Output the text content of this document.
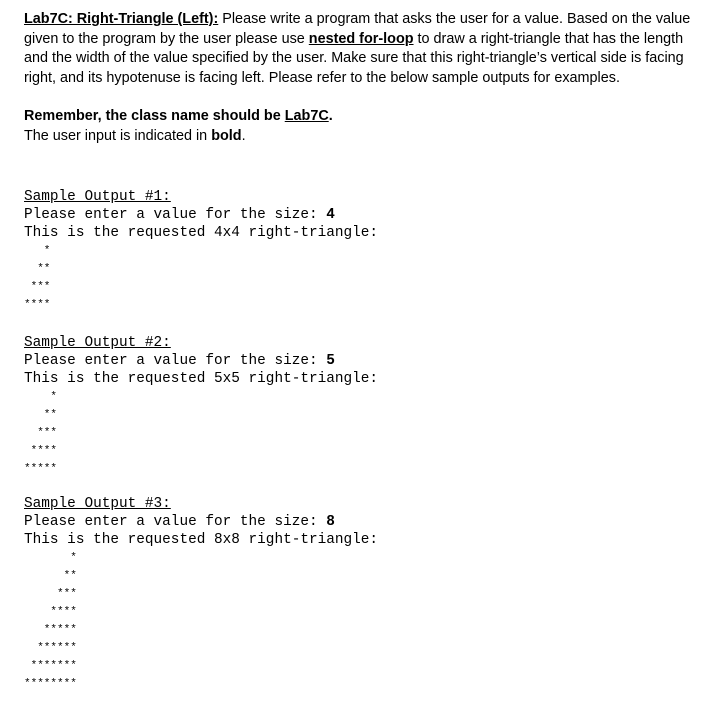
Lab7C: Right-Triangle (Left): Please write a program that asks the user for a value. Based on the value given to the program by the user please use nested for-loop to draw a right-triangle that has the length and the width of the value specified by the user. Make sure that this right-triangle’s vertical side is facing right, and its hypotenuse is facing left. Please refer to the below sample outputs for examples.

Remember, the class name should be Lab7C.
The user input is indicated in bold.
Sample Output #1:
Please enter a value for the size: 4
This is the requested 4x4 right-triangle:
*
**
***
****
Sample Output #2:
Please enter a value for the size: 5
This is the requested 5x5 right-triangle:
*
**
***
****
*****
Sample Output #3:
Please enter a value for the size: 8
This is the requested 8x8 right-triangle:
*
**
***
****
*****
******
*******
********
